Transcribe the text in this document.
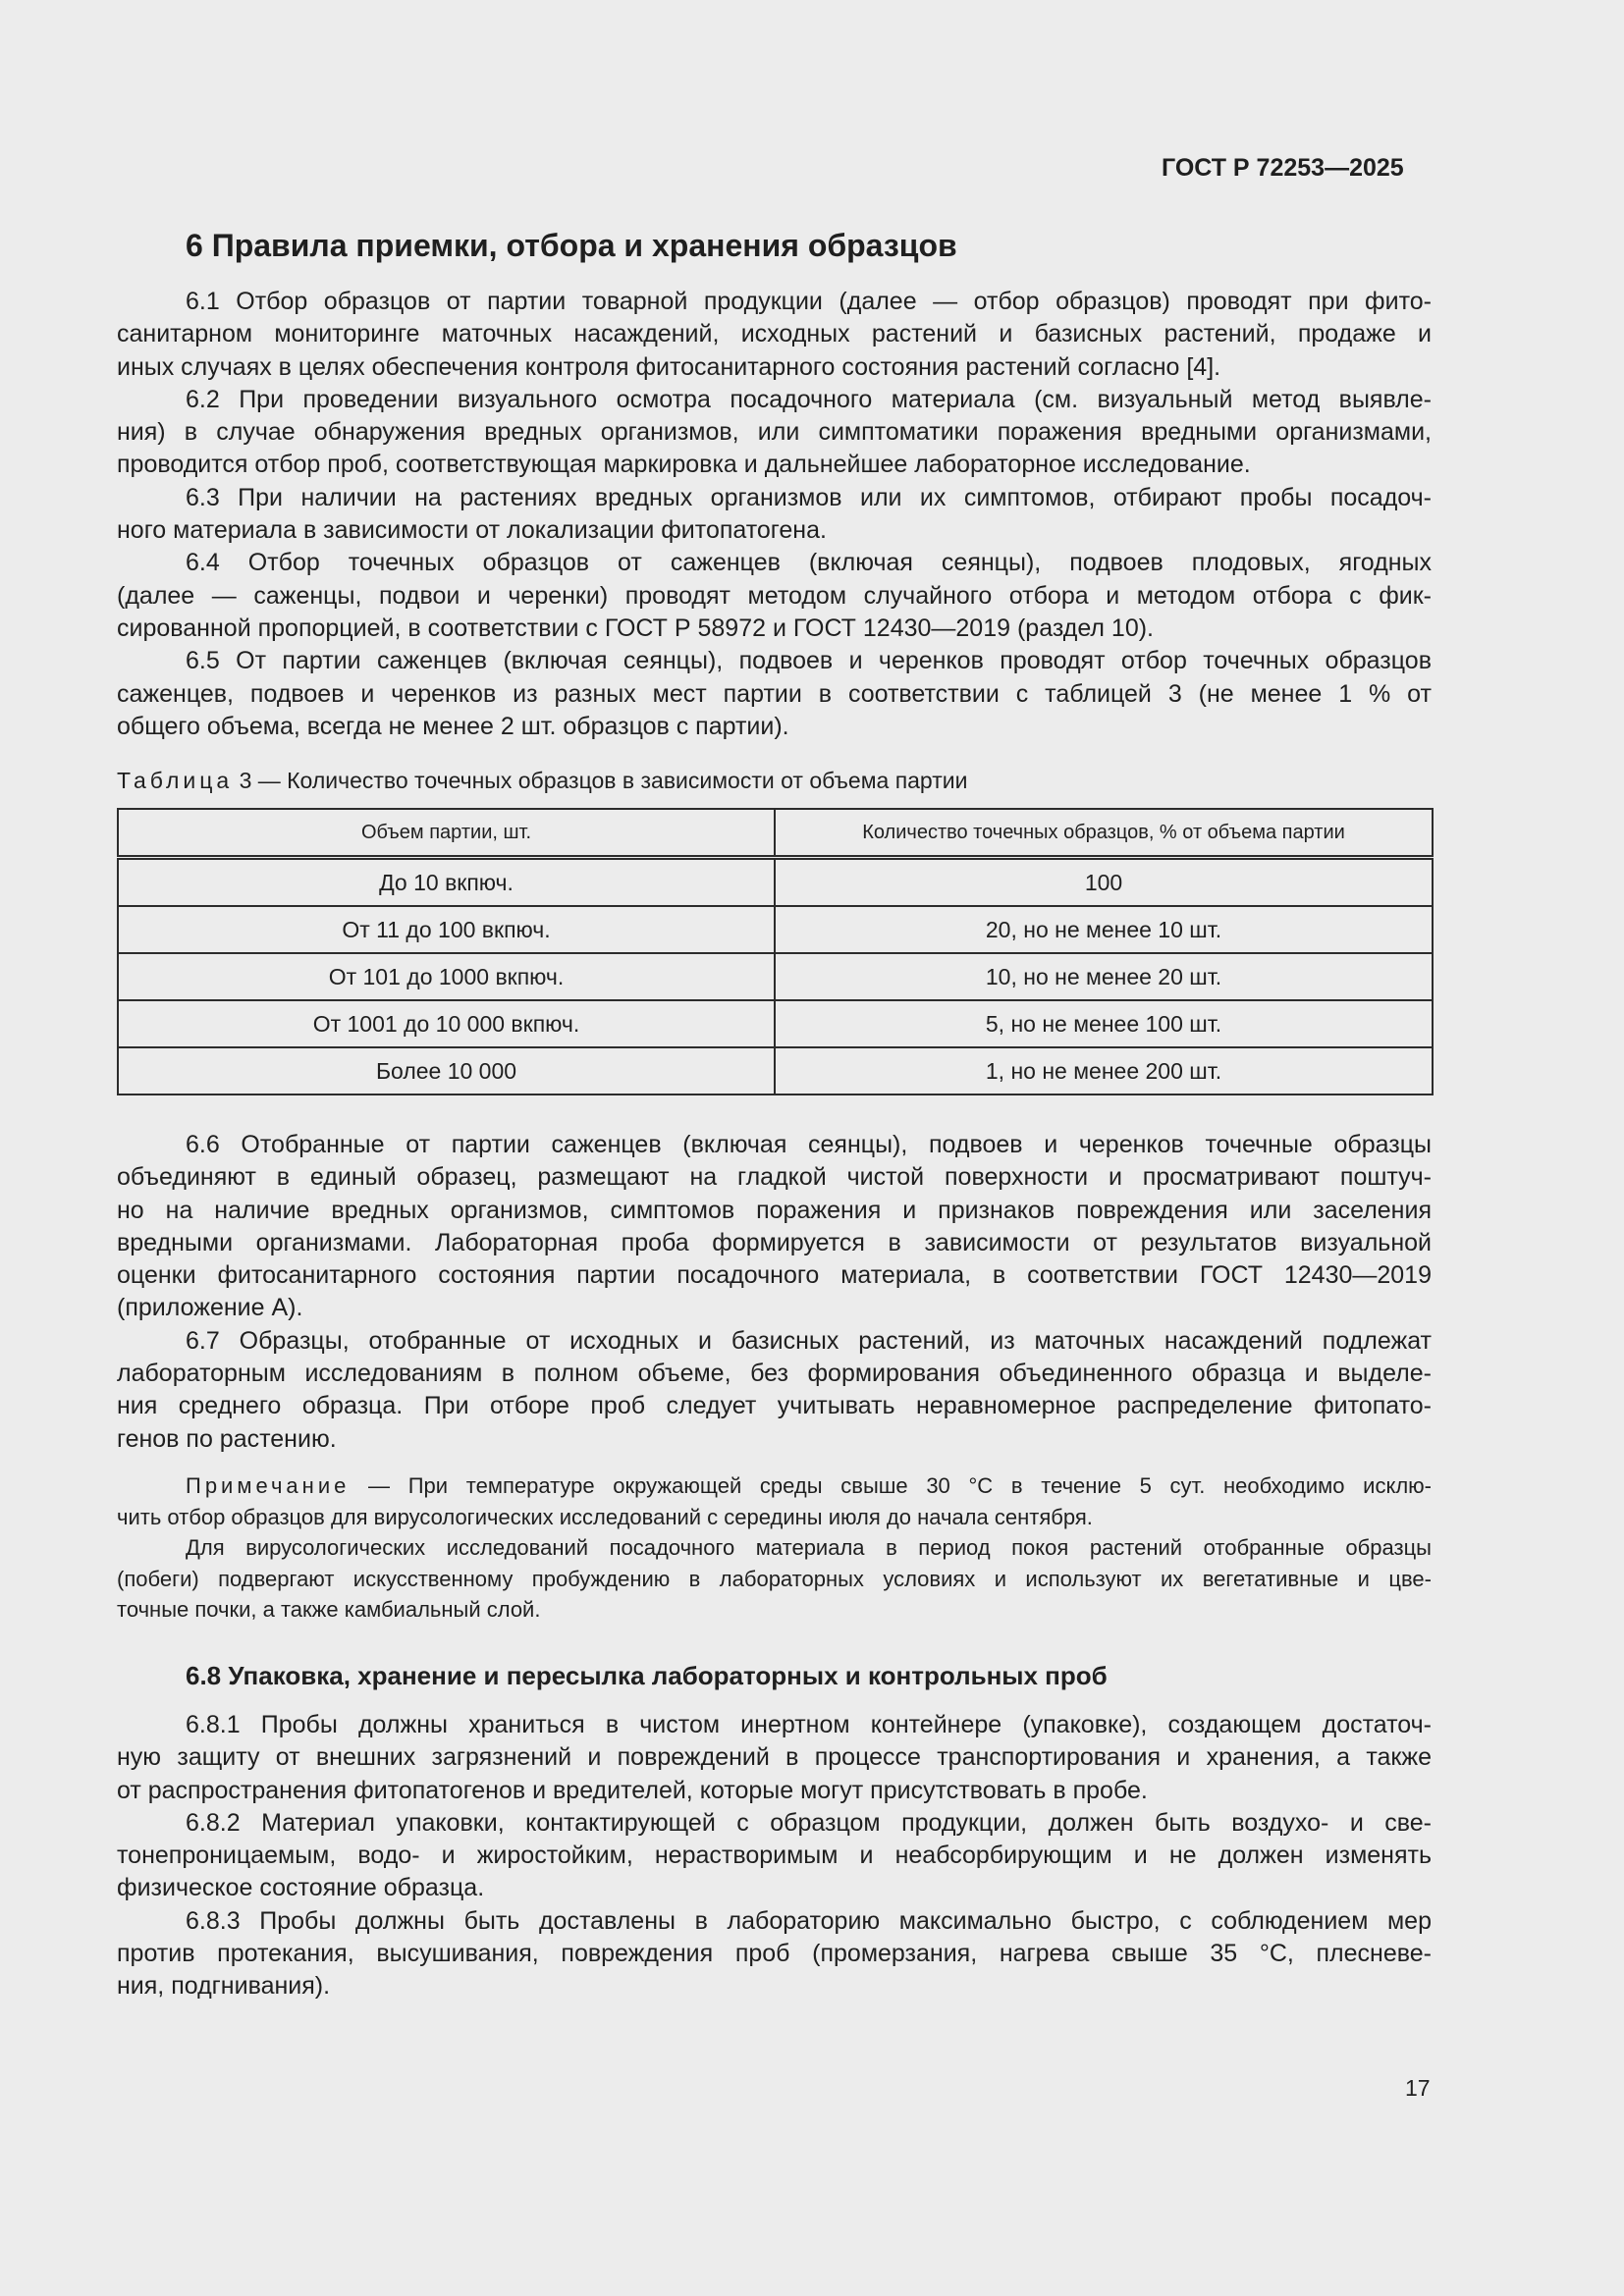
ГОСТ Р 72253—2025
6 Правила приемки, отбора и хранения образцов
6.1 Отбор образцов от партии товарной продукции (далее — отбор образцов) проводят при фито-
санитарном мониторинге маточных насаждений, исходных растений и базисных растений, продаже и
иных случаях в целях обеспечения контроля фитосанитарного состояния растений согласно [4].
6.2 При проведении визуального осмотра посадочного материала (см. визуальный метод выявле-
ния) в случае обнаружения вредных организмов, или симптоматики поражения вредными организмами,
проводится отбор проб, соответствующая маркировка и дальнейшее лабораторное исследование.
6.3 При наличии на растениях вредных организмов или их симптомов, отбирают пробы посадоч-
ного материала в зависимости от локализации фитопатогена.
6.4 Отбор точечных образцов от саженцев (включая сеянцы), подвоев плодовых, ягодных
(далее — саженцы, подвои и черенки) проводят методом случайного отбора и методом отбора с фик-
сированной пропорцией, в соответствии с ГОСТ Р 58972 и ГОСТ 12430—2019 (раздел 10).
6.5 От партии саженцев (включая сеянцы), подвоев и черенков проводят отбор точечных образцов
саженцев, подвоев и черенков из разных мест партии в соответствии с таблицей 3 (не менее 1 % от
общего объема, всегда не менее 2 шт. образцов с партии).
Таблица 3 — Количество точечных образцов в зависимости от объема партии
Объем партии, шт.	Количество точечных образцов, % от объема партии
До 10 вкпюч.	100
От 11 до 100 вкпюч.	20, но не менее 10 шт.
От 101 до 1000 вкпюч.	10, но не менее 20 шт.
От 1001 до 10 000 вкпюч.	5, но не менее 100 шт.
Более 10 000	1, но не менее 200 шт.
6.6 Отобранные от партии саженцев (включая сеянцы), подвоев и черенков точечные образцы
объединяют в единый образец, размещают на гладкой чистой поверхности и просматривают поштуч-
но на наличие вредных организмов, симптомов поражения и признаков повреждения или заселения
вредными организмами. Лабораторная проба формируется в зависимости от результатов визуальной
оценки фитосанитарного состояния партии посадочного материала, в соответствии ГОСТ 12430—2019
(приложение А).
6.7 Образцы, отобранные от исходных и базисных растений, из маточных насаждений подлежат
лабораторным исследованиям в полном объеме, без формирования объединенного образца и выделе-
ния среднего образца. При отборе проб следует учитывать неравномерное распределение фитопато-
генов по растению.
Примечание — При температуре окружающей среды свыше 30 °С в течение 5 сут. необходимо исклю-
чить отбор образцов для вирусологических исследований с середины июля до начала сентября.
Для вирусологических исследований посадочного материала в период покоя растений отобранные образцы
(побеги) подвергают искусственному пробуждению в лабораторных условиях и используют их вегетативные и цве-
точные почки, а также камбиальный слой.
6.8 Упаковка, хранение и пересылка лабораторных и контрольных проб
6.8.1 Пробы должны храниться в чистом инертном контейнере (упаковке), создающем достаточ-
ную защиту от внешних загрязнений и повреждений в процессе транспортирования и хранения, а также
от распространения фитопатогенов и вредителей, которые могут присутствовать в пробе.
6.8.2 Материал упаковки, контактирующей с образцом продукции, должен быть воздухо- и све-
тонепроницаемым, водо- и жиростойким, нерастворимым и неабсорбирующим и не должен изменять
физическое состояние образца.
6.8.3 Пробы должны быть доставлены в лабораторию максимально быстро, с соблюдением мер
против протекания, высушивания, повреждения проб (промерзания, нагрева свыше 35 °С, плесневе-
ния, подгнивания).
17
